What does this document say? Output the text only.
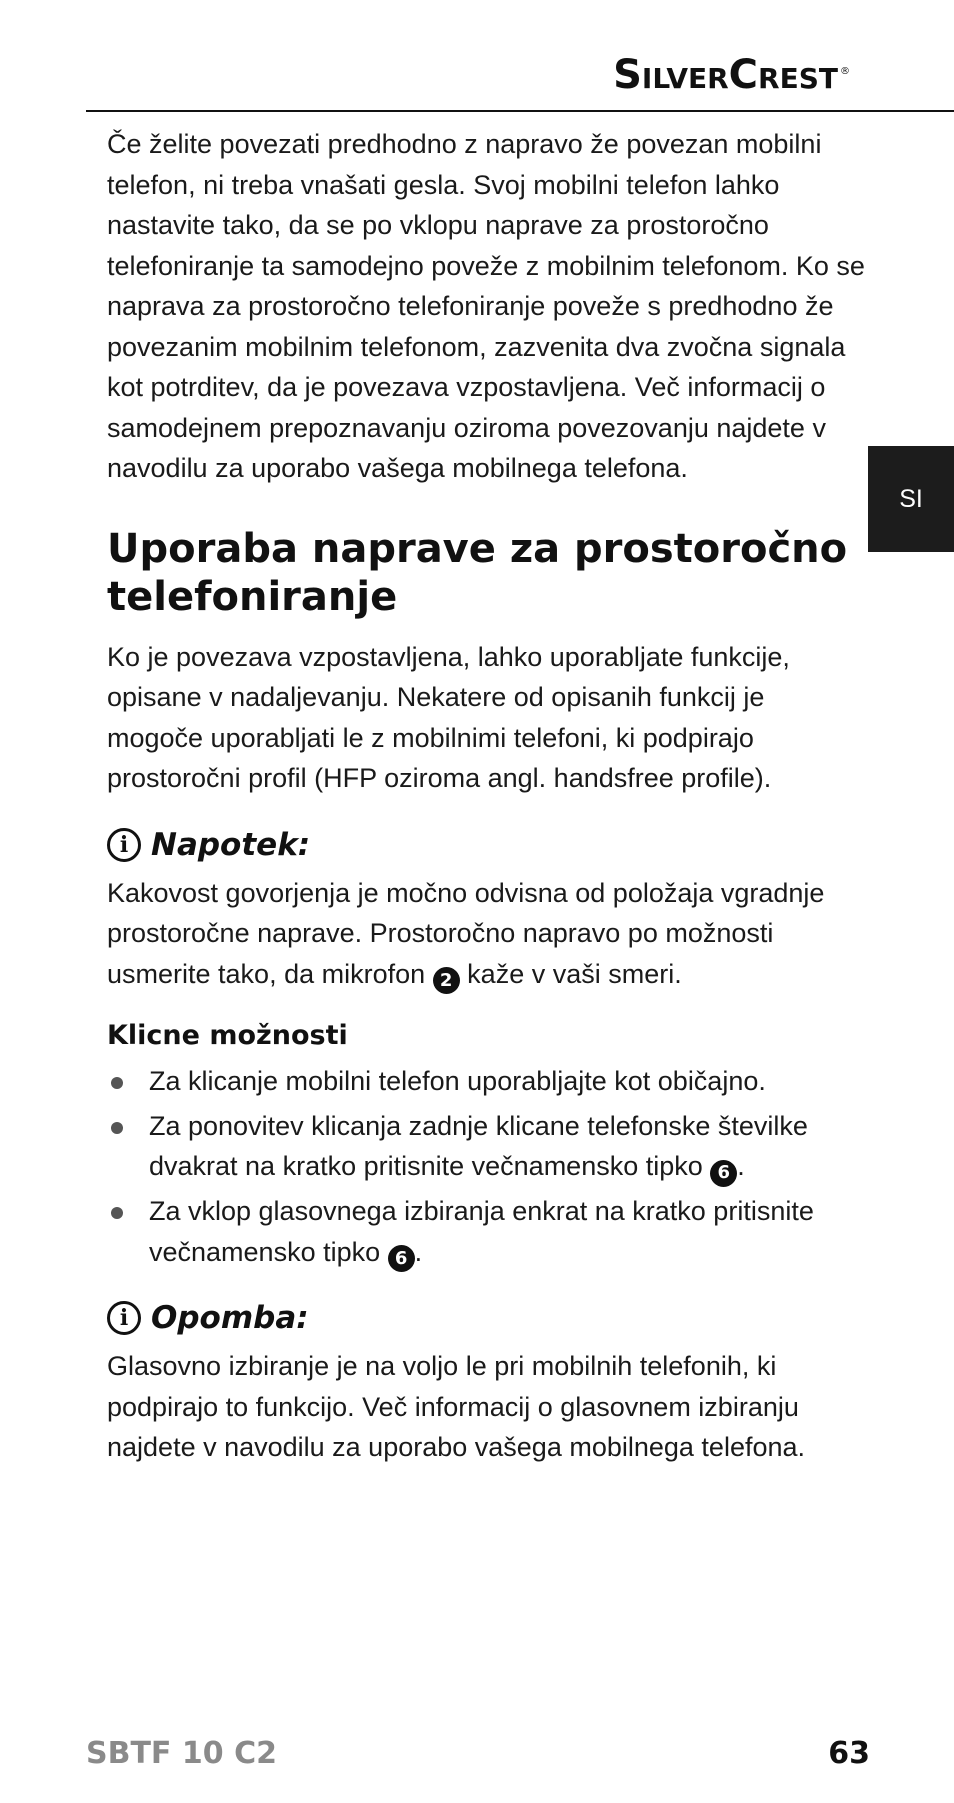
SilverCrest ®
SI

Če želite povezati predhodno z napravo že povezan mobilni telefon, ni treba vnašati gesla. Svoj mobilni telefon lahko nastavite tako, da se po vklopu naprave za prostoročno telefoniranje ta samodejno poveže z mobilnim telefonom. Ko se naprava za prostoročno telefoniranje poveže s predhodno že povezanim mobilnim telefonom, zazvenita dva zvočna signala kot potrditev, da je povezava vzpostavljena. Več informacij o samodejnem prepoznavanju oziroma povezovanju najdete v navodilu za uporabo vašega mobilnega telefona.

Uporaba naprave za prostoročno telefoniranje

Ko je povezava vzpostavljena, lahko uporabljate funkcije, opisane v nadaljevanju. Nekatere od opisanih funkcij je mogoče uporabljati le z mobilnimi telefoni, ki podpirajo prostoročni profil (HFP oziroma angl. handsfree profile).

i Napotek:

Kakovost govorjenja je močno odvisna od položaja vgradnje prostoročne naprave. Prostoročno napravo po možnosti usmerite tako, da mikrofon 2 kaže v vaši smeri.

Klicne možnosti
Za klicanje mobilni telefon uporabljajte kot običajno.
Za ponovitev klicanja zadnje klicane telefonske številke dvakrat na kratko pritisnite večnamensko tipko 6 .
Za vklop glasovnega izbiranja enkrat na kratko pritisnite večnamensko tipko 6 .
i Opomba:

Glasovno izbiranje je na voljo le pri mobilnih telefonih, ki podpirajo to funkcijo. Več informacij o glasovnem izbiranju najdete v navodilu za uporabo vašega mobilnega telefona.

SBTF 10 C2	63
